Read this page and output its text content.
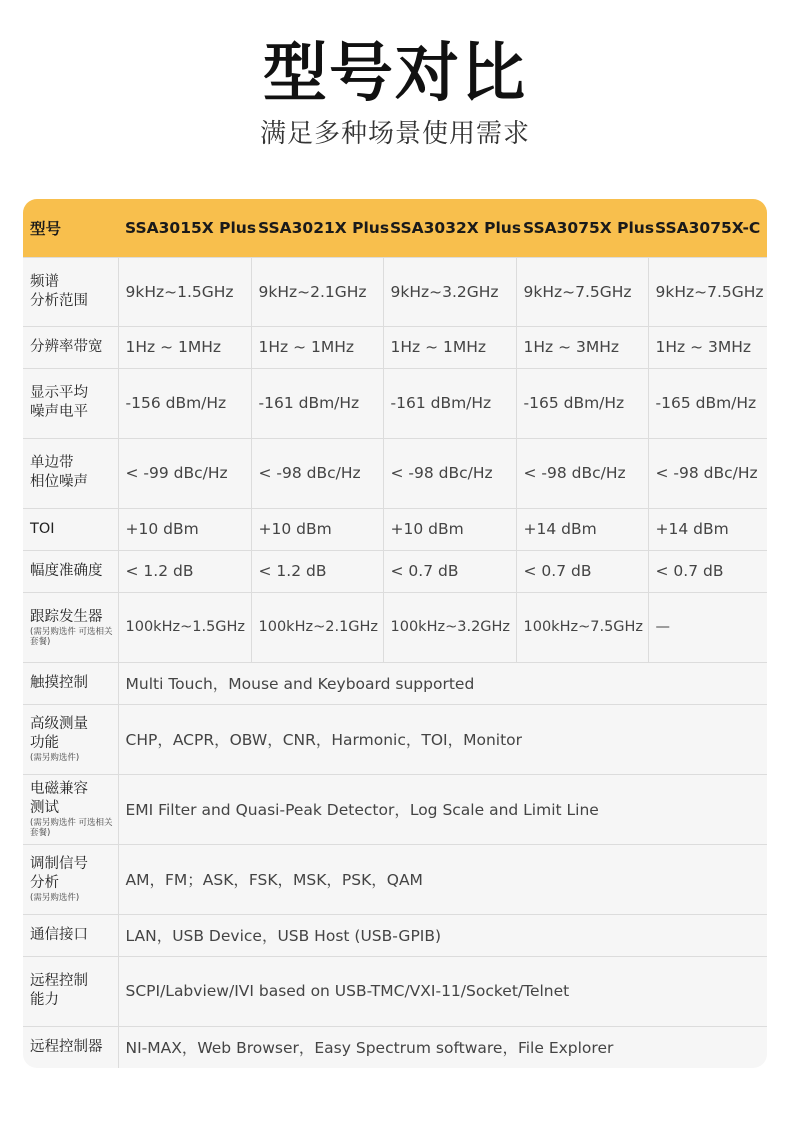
型号对比
满足多种场景使用需求
型号	SSA3015X Plus	SSA3021X Plus	SSA3032X Plus	SSA3075X Plus	SSA3075X-C
频谱
分析范围	9kHz~1.5GHz	9kHz~2.1GHz	9kHz~3.2GHz	9kHz~7.5GHz	9kHz~7.5GHz
分辨率带宽	1Hz ~ 1MHz	1Hz ~ 1MHz	1Hz ~ 1MHz	1Hz ~ 3MHz	1Hz ~ 3MHz
显示平均
噪声电平	-156 dBm/Hz	-161 dBm/Hz	-161 dBm/Hz	-165 dBm/Hz	-165 dBm/Hz
单边带
相位噪声	< -99 dBc/Hz	< -98 dBc/Hz	< -98 dBc/Hz	< -98 dBc/Hz	< -98 dBc/Hz
TOI	+10 dBm	+10 dBm	+10 dBm	+14 dBm	+14 dBm
幅度准确度	< 1.2 dB	< 1.2 dB	< 0.7 dB	< 0.7 dB	< 0.7 dB
跟踪发生器
(需另购选件 可选相关套餐)	100kHz~1.5GHz	100kHz~2.1GHz	100kHz~3.2GHz	100kHz~7.5GHz	—
触摸控制	Multi Touch，Mouse and Keyboard supported				
高级测量
功能
(需另购选件)	CHP，ACPR，OBW，CNR，Harmonic，TOI，Monitor				
电磁兼容
测试
(需另购选件 可选相关套餐)	EMI Filter and Quasi-Peak Detector，Log Scale and Limit Line				
调制信号
分析
(需另购选件)	AM，FM；ASK，FSK，MSK，PSK，QAM				
通信接口	LAN，USB Device，USB Host (USB-GPIB)				
远程控制
能力	SCPI/Labview/IVI based on USB-TMC/VXI-11/Socket/Telnet				
远程控制器	NI-MAX，Web Browser，Easy Spectrum software，File Explorer				
